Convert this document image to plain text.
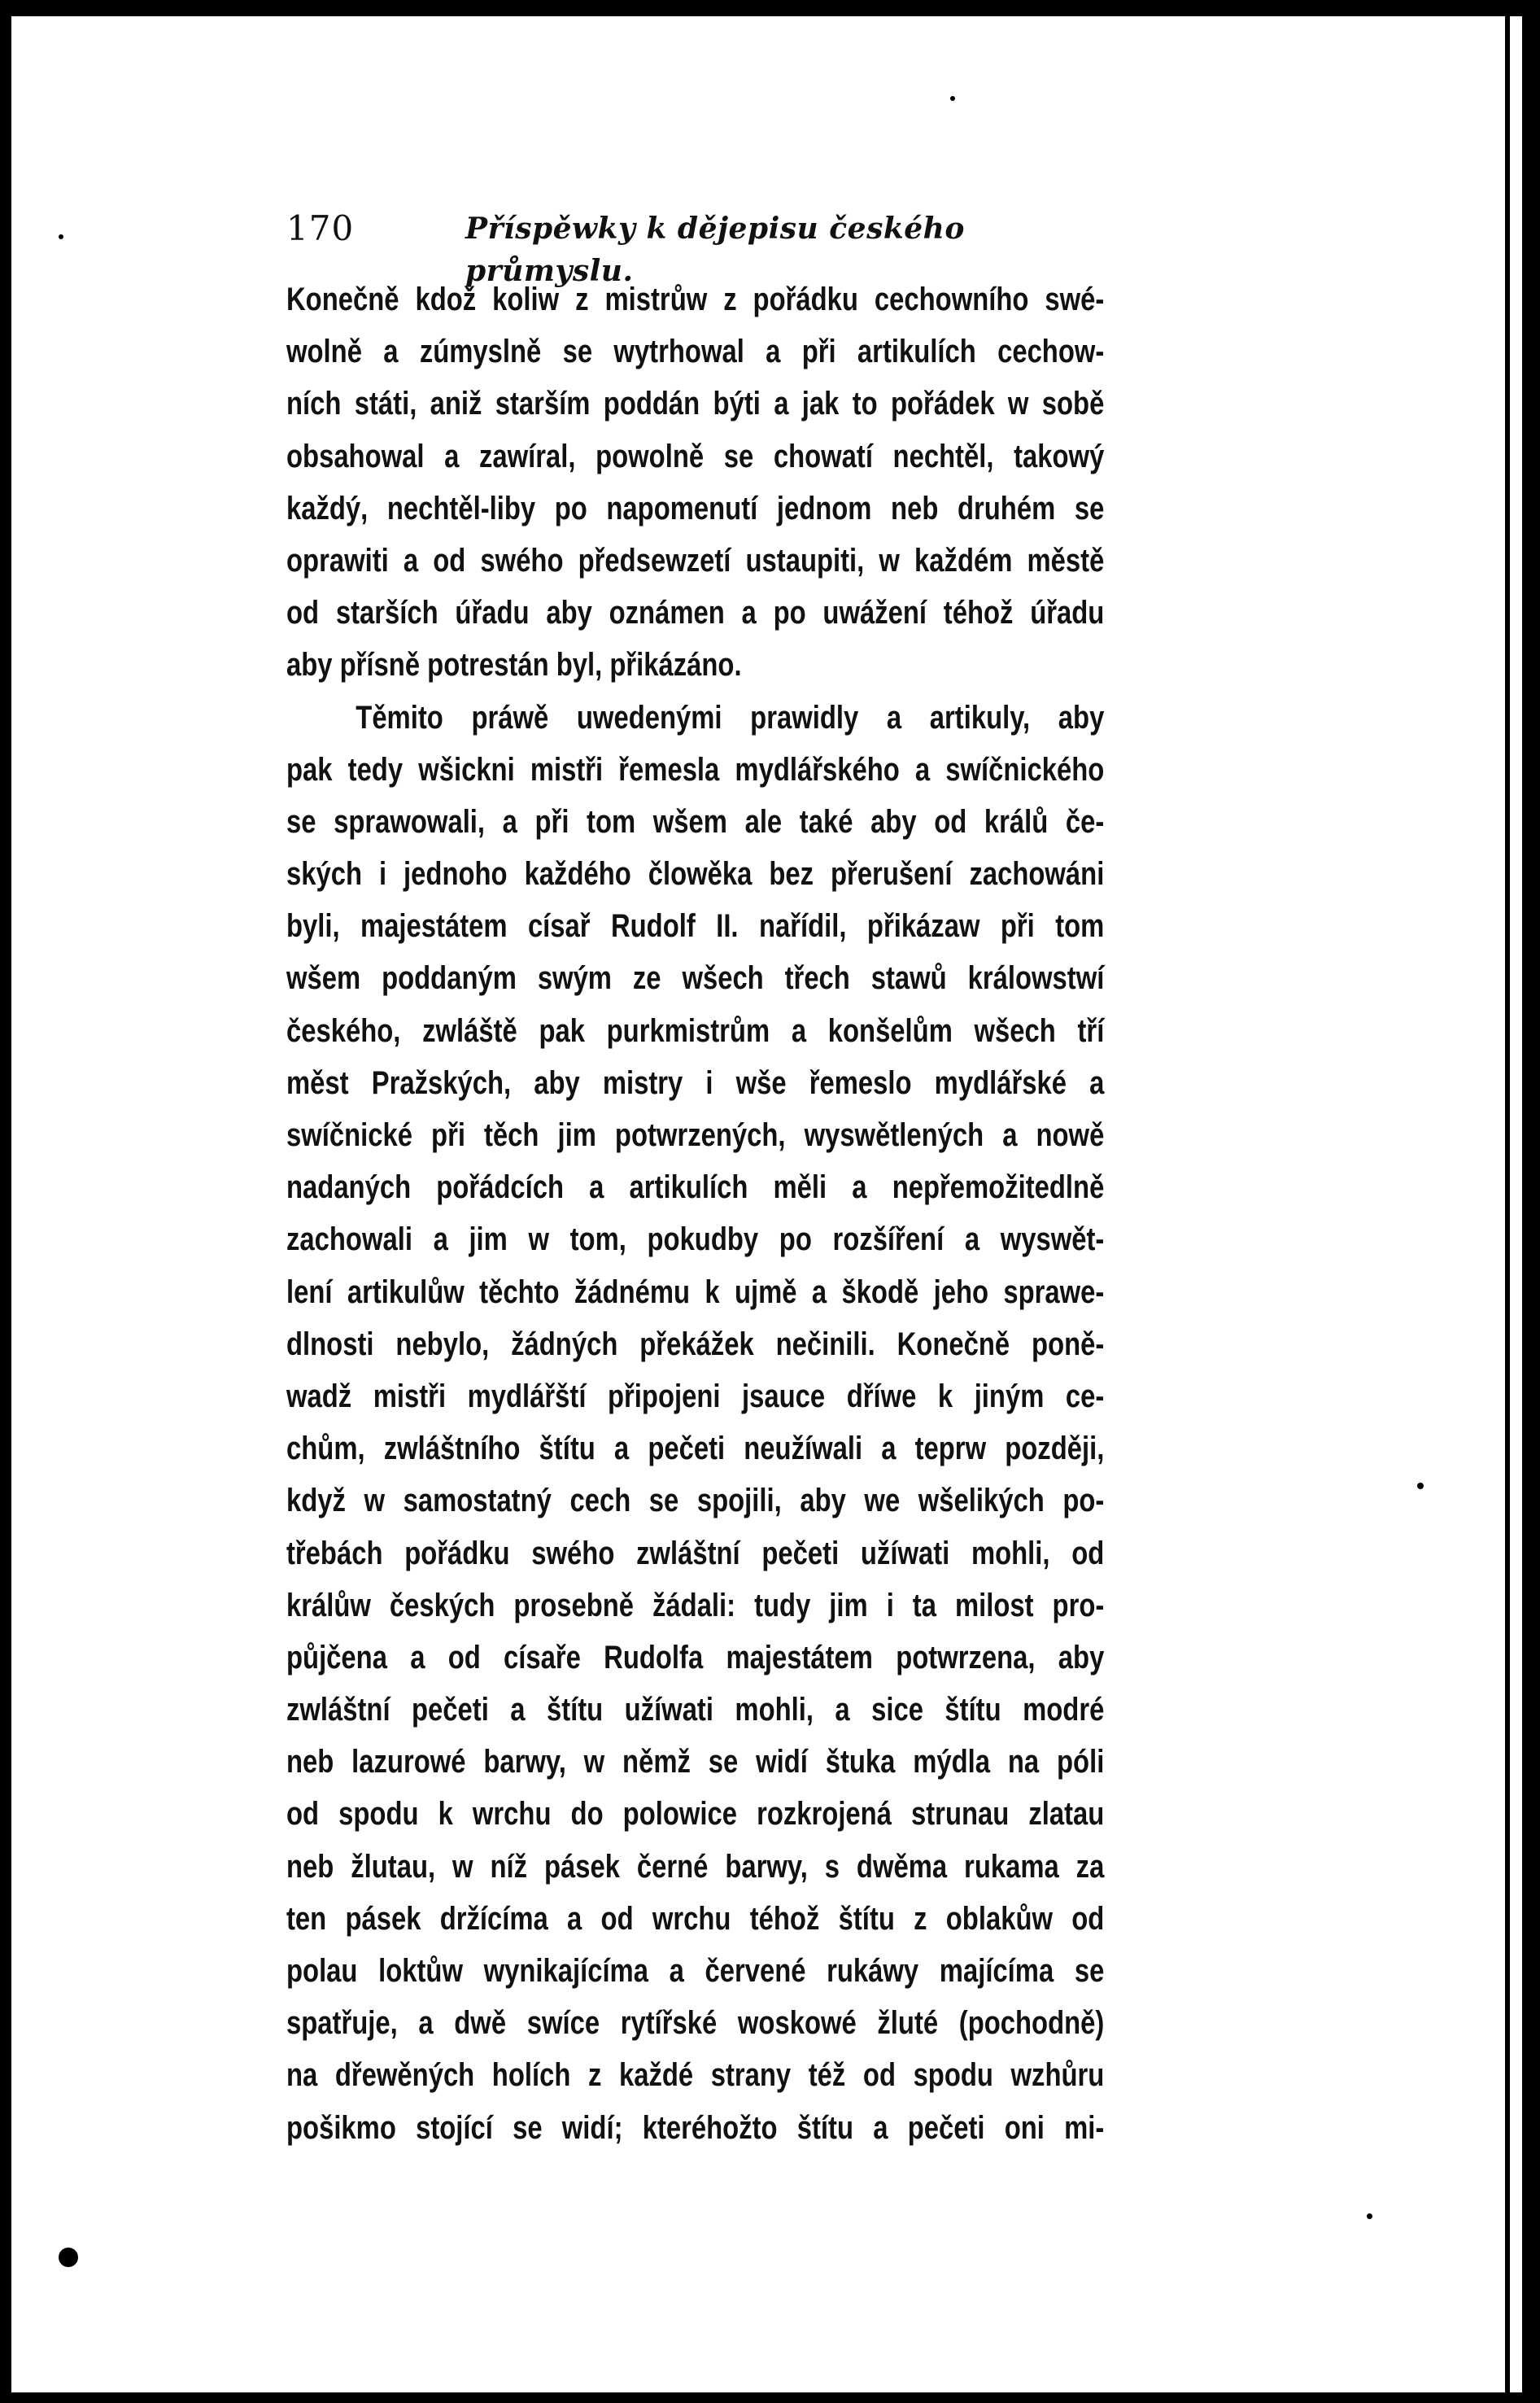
170	Příspěwky k dějepisu českého průmyslu.
Konečně kdož koliw z mistrůw z pořádku cechowního swé-
wolně a zúmyslně se wytrhowal a při artikulích cechow-
ních státi, aniž starším poddán býti a jak to pořádek w sobě
obsahowal a zawíral, powolně se chowatí nechtěl, takowý
každý, nechtěl-liby po napomenutí jednom neb druhém se
oprawiti a od swého předsewzetí ustaupiti, w každém městě
od starších úřadu aby oznámen a po uwážení téhož úřadu
aby přísně potrestán byl, přikázáno.
Těmito práwě uwedenými prawidly a artikuly, aby
pak tedy wšickni mistři řemesla mydlářského a swíčnického
se sprawowali, a při tom wšem ale také aby od králů če-
ských i jednoho každého člowěka bez přerušení zachowáni
byli, majestátem císař Rudolf II. nařídil, přikázaw při tom
wšem poddaným swým ze wšech třech stawů králowstwí
českého, zwláště pak purkmistrům a konšelům wšech tří
měst Pražských, aby mistry i wše řemeslo mydlářské a
swíčnické při těch jim potwrzených, wyswětlených a nowě
nadaných pořádcích a artikulích měli a nepřemožitedlně
zachowali a jim w tom, pokudby po rozšíření a wyswět-
lení artikulůw těchto žádnému k ujmě a škodě jeho sprawe-
dlnosti nebylo, žádných překážek nečinili. Konečně poně-
wadž mistři mydlářští připojeni jsauce dříwe k jiným ce-
chům, zwláštního štítu a pečeti neužíwali a teprw později,
když w samostatný cech se spojili, aby we wšelikých po-
třebách pořádku swého zwláštní pečeti užíwati mohli, od
králůw českých prosebně žádali: tudy jim i ta milost pro-
půjčena a od císaře Rudolfa majestátem potwrzena, aby
zwláštní pečeti a štítu užíwati mohli, a sice štítu modré
neb lazurowé barwy, w němž se widí štuka mýdla na póli
od spodu k wrchu do polowice rozkrojená strunau zlatau
neb žlutau, w níž pásek černé barwy, s dwěma rukama za
ten pásek držícíma a od wrchu téhož štítu z oblakůw od
polau loktůw wynikajícíma a červené rukáwy majícíma se
spatřuje, a dwě swíce rytířské woskowé žluté (pochodně)
na dřewěných holích z každé strany též od spodu wzhůru
pošikmo stojící se widí; kteréhožto štítu a pečeti oni mi-
